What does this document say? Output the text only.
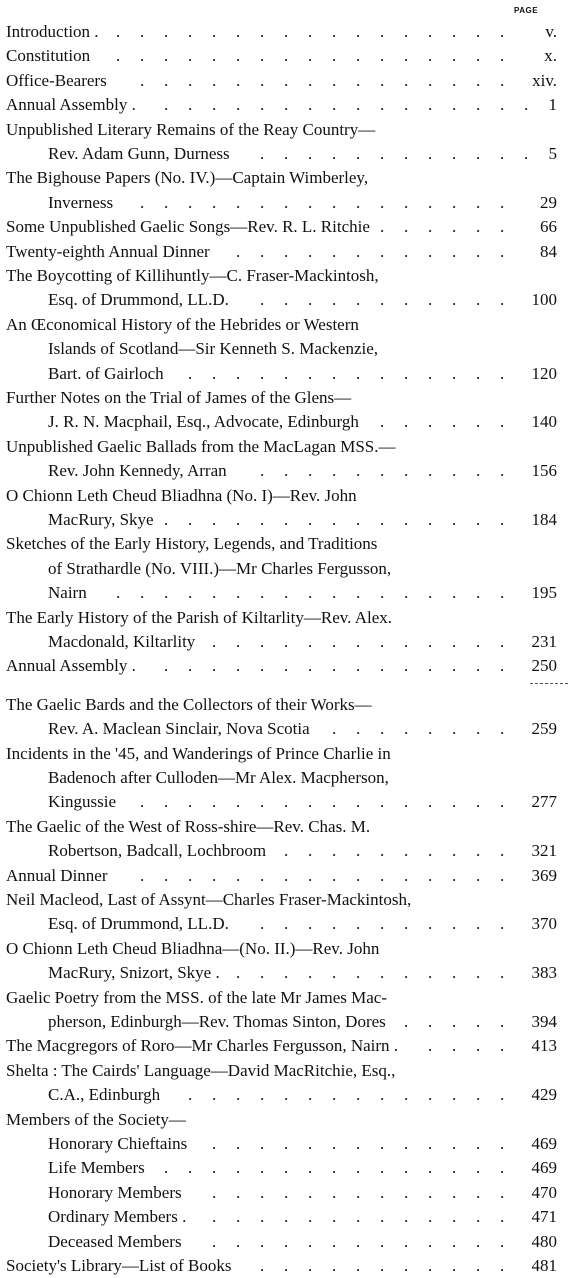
PAGE
Introduction .	v.
. . . . . . . . . . . . . . . . .
Constitution	x.
. . . . . . . . . . . . . . . . .
Office-Bearers	xiv.
. . . . . . . . . . . . . . . .
Annual Assembly .	1
. . . . . . . . . . . . . . . .
Unpublished Literary Remains of the Reay Country—
Rev. Adam Gunn, Durness	5
. . . . . . . . . . . .
The Bighouse Papers (No. IV.)—Captain Wimberley,
Inverness	29
. . . . . . . . . . . . . . . .
Some Unpublished Gaelic Songs—Rev. R. L. Ritchie	66
. . . . . .
Twenty-eighth Annual Dinner	84
. . . . . . . . . . . .
The Boycotting of Killihuntly—C. Fraser-Mackintosh,
Esq. of Drummond, LL.D.	100
. . . . . . . . . . .
An Œconomical History of the Hebrides or Western
Islands of Scotland—Sir Kenneth S. Mackenzie,
Bart. of Gairloch	120
. . . . . . . . . . . . . .
Further Notes on the Trial of James of the Glens—
J. R. N. Macphail, Esq., Advocate, Edinburgh	140
. . . . . .
Unpublished Gaelic Ballads from the MacLagan MSS.—
Rev. John Kennedy, Arran	156
. . . . . . . . . . .
O Chionn Leth Cheud Bliadhna (No. I)—Rev. John
MacRury, Skye	184
. . . . . . . . . . . . . . .
Sketches of the Early History, Legends, and Traditions
of Strathardle (No. VIII.)—Mr Charles Fergusson,
Nairn	195
. . . . . . . . . . . . . . . . .
The Early History of the Parish of Kiltarlity—Rev. Alex.
Macdonald, Kiltarlity	231
. . . . . . . . . . . . .
Annual Assembly .	250
. . . . . . . . . . . . . . .
The Gaelic Bards and the Collectors of their Works—
Rev. A. Maclean Sinclair, Nova Scotia	259
. . . . . . . .
Incidents in the '45, and Wanderings of Prince Charlie in
Badenoch after Culloden—Mr Alex. Macpherson,
Kingussie	277
. . . . . . . . . . . . . . . .
The Gaelic of the West of Ross-shire—Rev. Chas. M.
Robertson, Badcall, Lochbroom	321
. . . . . . . . . .
Annual Dinner	369
. . . . . . . . . . . . . . . .
Neil Macleod, Last of Assynt—Charles Fraser-Mackintosh,
Esq. of Drummond, LL.D.	370
. . . . . . . . . . .
O Chionn Leth Cheud Bliadhna—(No. II.)—Rev. John
MacRury, Snizort, Skye .	383
. . . . . . . . . . . .
Gaelic Poetry from the MSS. of the late Mr James Mac-
pherson, Edinburgh—Rev. Thomas Sinton, Dores	394
. . . . .
The Macgregors of Roro—Mr Charles Fergusson, Nairn .	413
. . . .
Shelta : The Cairds' Language—David MacRitchie, Esq.,
C.A., Edinburgh	429
. . . . . . . . . . . . . .
Members of the Society—
Honorary Chieftains	469
. . . . . . . . . . . . .
Life Members	469
. . . . . . . . . . . . . . .
Honorary Members	470
. . . . . . . . . . . . .
Ordinary Members .	471
. . . . . . . . . . . . .
Deceased Members	480
. . . . . . . . . . . . .
Society's Library—List of Books	481
. . . . . . . . . . .
